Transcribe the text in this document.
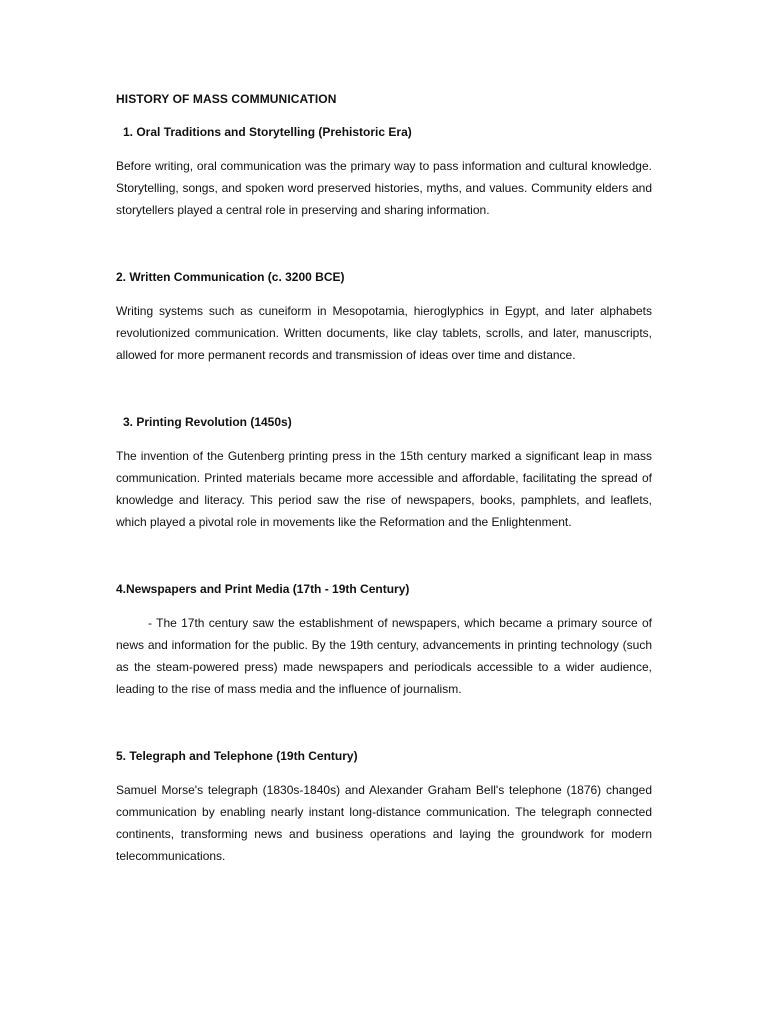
HISTORY OF MASS COMMUNICATION
1. Oral Traditions and Storytelling (Prehistoric Era)

Before writing, oral communication was the primary way to pass information and cultural knowledge. Storytelling, songs, and spoken word preserved histories, myths, and values. Community elders and storytellers played a central role in preserving and sharing information.

2. Written Communication (c. 3200 BCE)

Writing systems such as cuneiform in Mesopotamia, hieroglyphics in Egypt, and later alphabets revolutionized communication. Written documents, like clay tablets, scrolls, and later, manuscripts, allowed for more permanent records and transmission of ideas over time and distance.

3. Printing Revolution (1450s)

The invention of the Gutenberg printing press in the 15th century marked a significant leap in mass communication. Printed materials became more accessible and affordable, facilitating the spread of knowledge and literacy. This period saw the rise of newspapers, books, pamphlets, and leaflets, which played a pivotal role in movements like the Reformation and the Enlightenment.

4.Newspapers and Print Media (17th - 19th Century)

- The 17th century saw the establishment of newspapers, which became a primary source of news and information for the public. By the 19th century, advancements in printing technology (such as the steam-powered press) made newspapers and periodicals accessible to a wider audience, leading to the rise of mass media and the influence of journalism.

5. Telegraph and Telephone (19th Century)

Samuel Morse's telegraph (1830s-1840s) and Alexander Graham Bell's telephone (1876) changed communication by enabling nearly instant long-distance communication. The telegraph connected continents, transforming news and business operations and laying the groundwork for modern telecommunications.
